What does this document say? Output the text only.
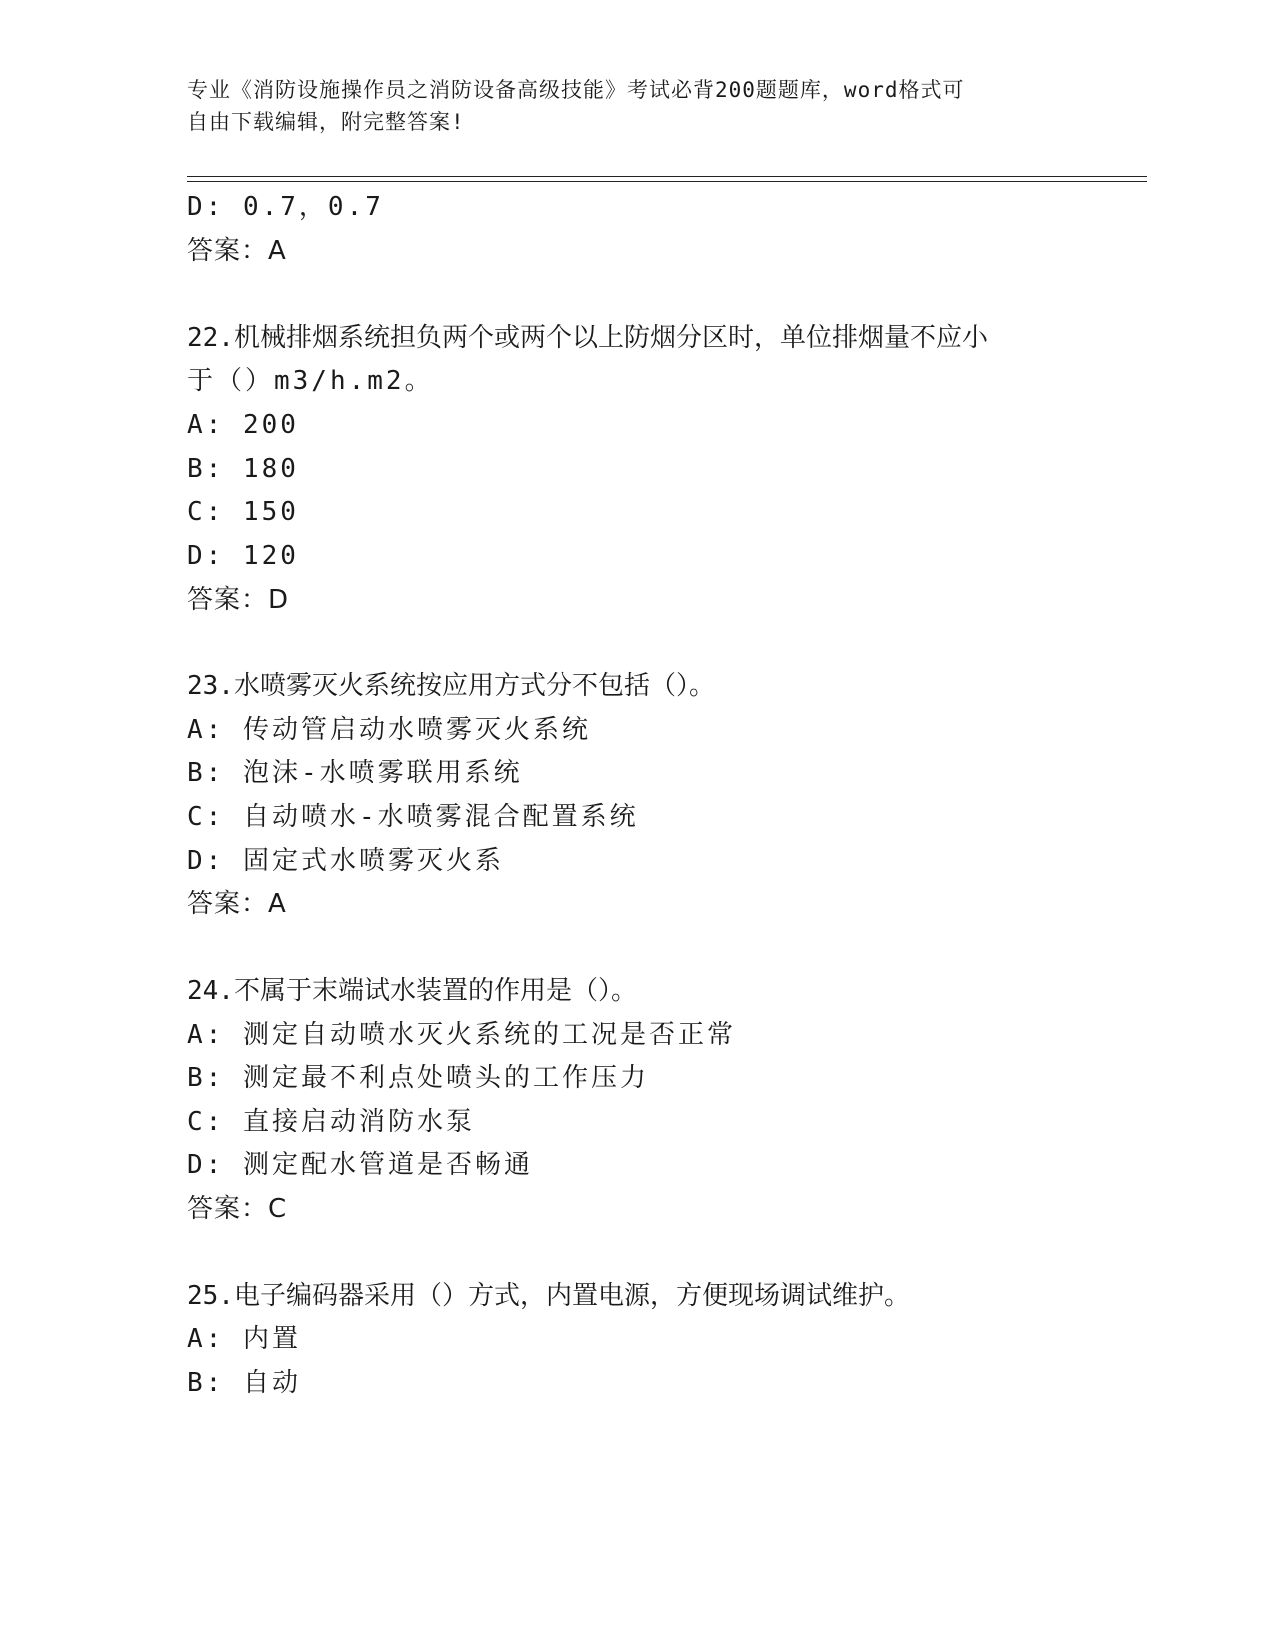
专业《消防设施操作员之消防设备高级技能》考试必背200题题库，word格式可
自由下载编辑，附完整答案!
D: 0.7，0.7
答案：A
22.机械排烟系统担负两个或两个以上防烟分区时，单位排烟量不应小
于（）m3/h.m2。
A: 200
B: 180
C: 150
D: 120
答案：D
23.水喷雾灭火系统按应用方式分不包括（）。
A: 传动管启动水喷雾灭火系统
B: 泡沫-水喷雾联用系统
C: 自动喷水-水喷雾混合配置系统
D: 固定式水喷雾灭火系
答案：A
24.不属于末端试水装置的作用是（）。
A: 测定自动喷水灭火系统的工况是否正常
B: 测定最不利点处喷头的工作压力
C: 直接启动消防水泵
D: 测定配水管道是否畅通
答案：C
25.电子编码器采用（）方式，内置电源，方便现场调试维护。
A: 内置
B: 自动
